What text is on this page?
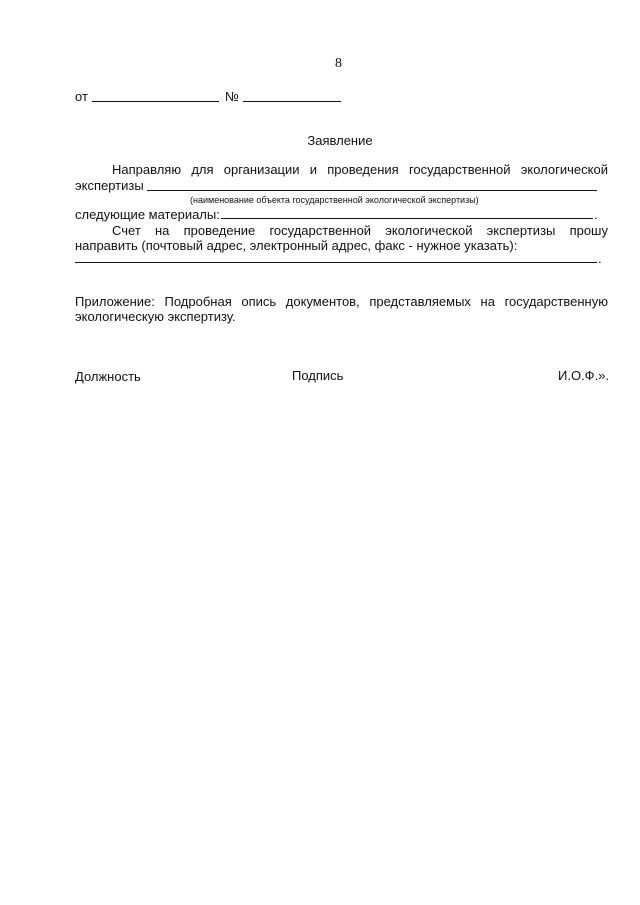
8
от	№
Заявление
Направляю для организации и проведения государственной экологической
экспертизы
(наименование объекта государственной экологической экспертизы)
следующие материалы:	.
Счет на проведение государственной экологической экспертизы прошу
направить (почтовый адрес, электронный адрес, факс - нужное указать):
.
Приложение: Подробная опись документов, представляемых на государственную
экологическую экспертизу.
Должность	Подпись	И.О.Ф.».
